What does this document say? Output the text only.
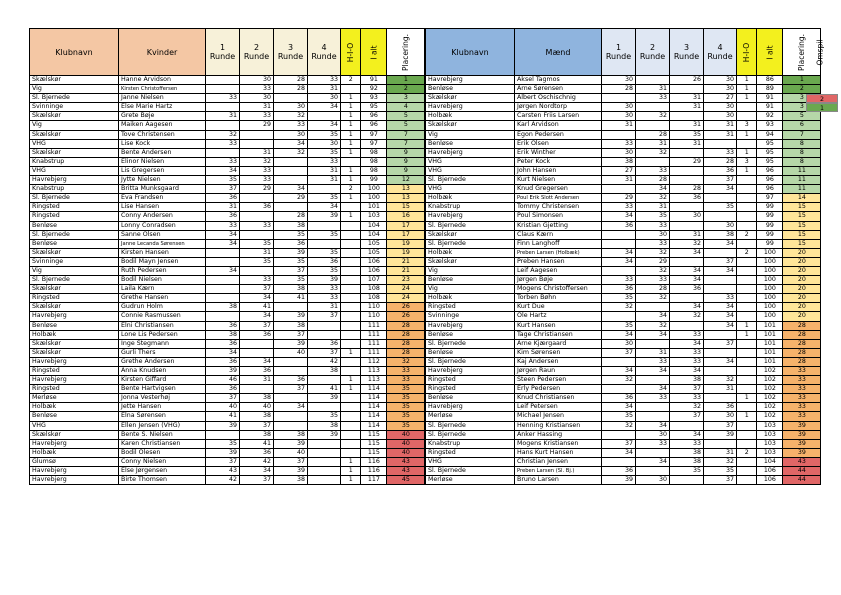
Klubnavn	Kvinder	1 Runde	2 Runde	3 Runde	4 Runde	H-I-O	I alt	Placering.
Skælskør	Hanne Arvidson		30	28	33	2	91	1
Vig	Kirsten Christoffersen		33	28	31		92	2
Sl. Bjernede	Janne Nielsen	33	30		30	1	93	3
Svinninge	Else Marie Hartz		31	30	34	1	95	4
Skælskør	Grete Bøje	31	33	32		1	96	5
Vig	Maiken Aagesen		29	33	34	1	96	5
Skælskør	Tove Christensen	32		30	35	1	97	7
VHG	Lise Kock	33		34	30	1	97	7
Skælskør	Bente Andersen		31	32	35	1	98	9
Knabstrup	Elinor Nielsen	33	32		33		98	9
VHG	Lis Gregersen	34	33		31	1	98	9
Havrebjerg	Jytte Nielsen	35	33		31	1	99	12
Knabstrup	Britta Munksgaard	37	29	34		2	100	13
Sl. Bjernede	Eva Frandsen	36		29	35	1	100	13
Ringsted	Lise Hansen	31	36		34		101	15
Ringsted	Conny Andersen	36		28	39	1	103	16
Benløse	Lonny Conradsen	33	33	38			104	17
Sl. Bjernede	Sanne Olsen	34		35	35		104	17
Benløse	Janne Lecanda Sørensen	34	35	36			105	19
Skælskør	Kirsten Hansen		31	39	35		105	19
Svinninge	Bodil Mayn Jensen		35	35	36		106	21
Vig	Ruth Pedersen	34		37	35		106	21
Sl. Bjernede	Bodil Nielsen		33	35	39		107	23
Skælskør	Laila Kærn		37	38	33		108	24
Ringsted	Grethe Hansen		34	41	33		108	24
Skælskør	Gudrun Holm	38	41		31		110	26
Havrebjerg	Connie Rasmussen		34	39	37		110	26
Benløse	Elni Christiansen	36	37	38			111	28
Holbæk	Lone Lis Pedersen	38	36	37			111	28
Skælskør	Inge Stegmann	36		39	36		111	28
Skælskør	Gurli Thers	34		40	37	1	111	28
Havrebjerg	Grethe Andersen	36	34		42		112	32
Ringsted	Anna Knudsen	39	36		38		113	33
Havrebjerg	Kirsten Giffard	46	31	36		1	113	33
Ringsted	Bente Hartvigsen	36		37	41	1	114	35
Merløse	Jonna Vesterhøj	37	38		39		114	35
Holbæk	Jette Hansen	40	40	34			114	35
Benløse	Elna Sørensen	41	38		35		114	35
VHG	Ellen Jensen (VHG)	39	37		38		114	35
Skælskør	Bente S. Nielsen		38	38	39		115	40
Havrebjerg	Karen Christiansen	35	41	39			115	40
Holbæk	Bodil Olesen	39	36	40			115	40
Glumsø	Conny Nielsen	37	42	37		1	116	43
Havrebjerg	Else Jørgensen	43	34	39		1	116	43
Havrebjerg	Birte Thomsen	42	37	38		1	117	45
Klubnavn	Mænd	1 Runde	2 Runde	3 Runde	4 Runde	H-I-O	I alt	Placering.
Havrebjerg	Aksel Tagmos	30		26	30	1	86	1
Benløse	Arne Sørensen	28	31		30	1	89	2
Skælskør	Albert Oschischnig		33	31	27	1	91	3
Havrebjerg	Jørgen Nordtorp	30		31	30		91	3
Holbæk	Carsten Friis Larsen	30	32		30		92	5
Skælskør	Karl Arvidson	31		31	31	3	93	6
Vig	Egon Pedersen		28	35	31	1	94	7
Benløse	Erik Olsen	33	31	31			95	8
Havrebjerg	Erik Winther	30	32		33	1	95	8
VHG	Peter Kock	38		29	28	3	95	8
VHG	John Hansen	27	33		36	1	96	11
Sl. Bjernede	Kurt Nielsen	31	28		37		96	11
VHG	Knud Gregersen		34	28	34		96	11
Holbæk	Poul Erik Slott Andersen	29	32	36			97	14
Knabstrup	Tommy Christensen	33	31		35		99	15
Havrebjerg	Poul Simonsen	34	35	30			99	15
Sl. Bjernede	Kristian Gjetting	36	33		30		99	15
Skælskør	Claus Kærn		30	31	38	2	99	15
Sl. Bjernede	Finn Langhoff		33	32	34		99	15
Holbæk	Preben Larsen (Holbæk)	34	32	34		2	100	20
Skælskør	Preben Hansen	34	29		37		100	20
Vig	Leif Aagesen		32	34	34		100	20
Benløse	Jørgen Bøje	33	33	34			100	20
Vig	Mogens Christoffersen	36	28	36			100	20
Holbæk	Torben Bøhn	35	32		33		100	20
Ringsted	Kurt Due	32		34	34		100	20
Svinninge	Ole Hartz		34	32	34		100	20
Havrebjerg	Kurt Hansen	35	32		34	1	101	28
Benløse	Tage Christiansen	34	34	33		1	101	28
Sl. Bjernede	Arne Kjærgaard	30		34	37		101	28
Benløse	Kim Sørensen	37	31	33			101	28
Sl. Bjernede	Kaj Andersen		33	33	34		101	28
Havrebjerg	Jørgen Raun	34	34	34			102	33
Ringsted	Steen Pedersen	32		38	32		102	33
Ringsted	Erly Pedersen		34	37	31		102	33
Benløse	Knud Christiansen	36	33	33		1	102	33
Havrebjerg	Leif Petersen	34		32	36		102	33
Merløse	Michael Jensen	35		37	30	1	102	33
Sl. Bjernede	Henning Kristiansen	32	34		37		103	39
Sl. Bjernede	Anker Hassing		30	34	39		103	39
Knabstrup	Mogens Kristiansen	37	33	33			103	39
Ringsted	Hans Kurt Hansen	34		38	31	2	103	39
VHG	Christian Jensen		34	38	32		104	43
Sl. Bjernede	Preben Larsen (Sl. Bj.)	36		35	35		106	44
Merløse	Bruno Larsen	39	30		37		106	44
Omspil
2
1
